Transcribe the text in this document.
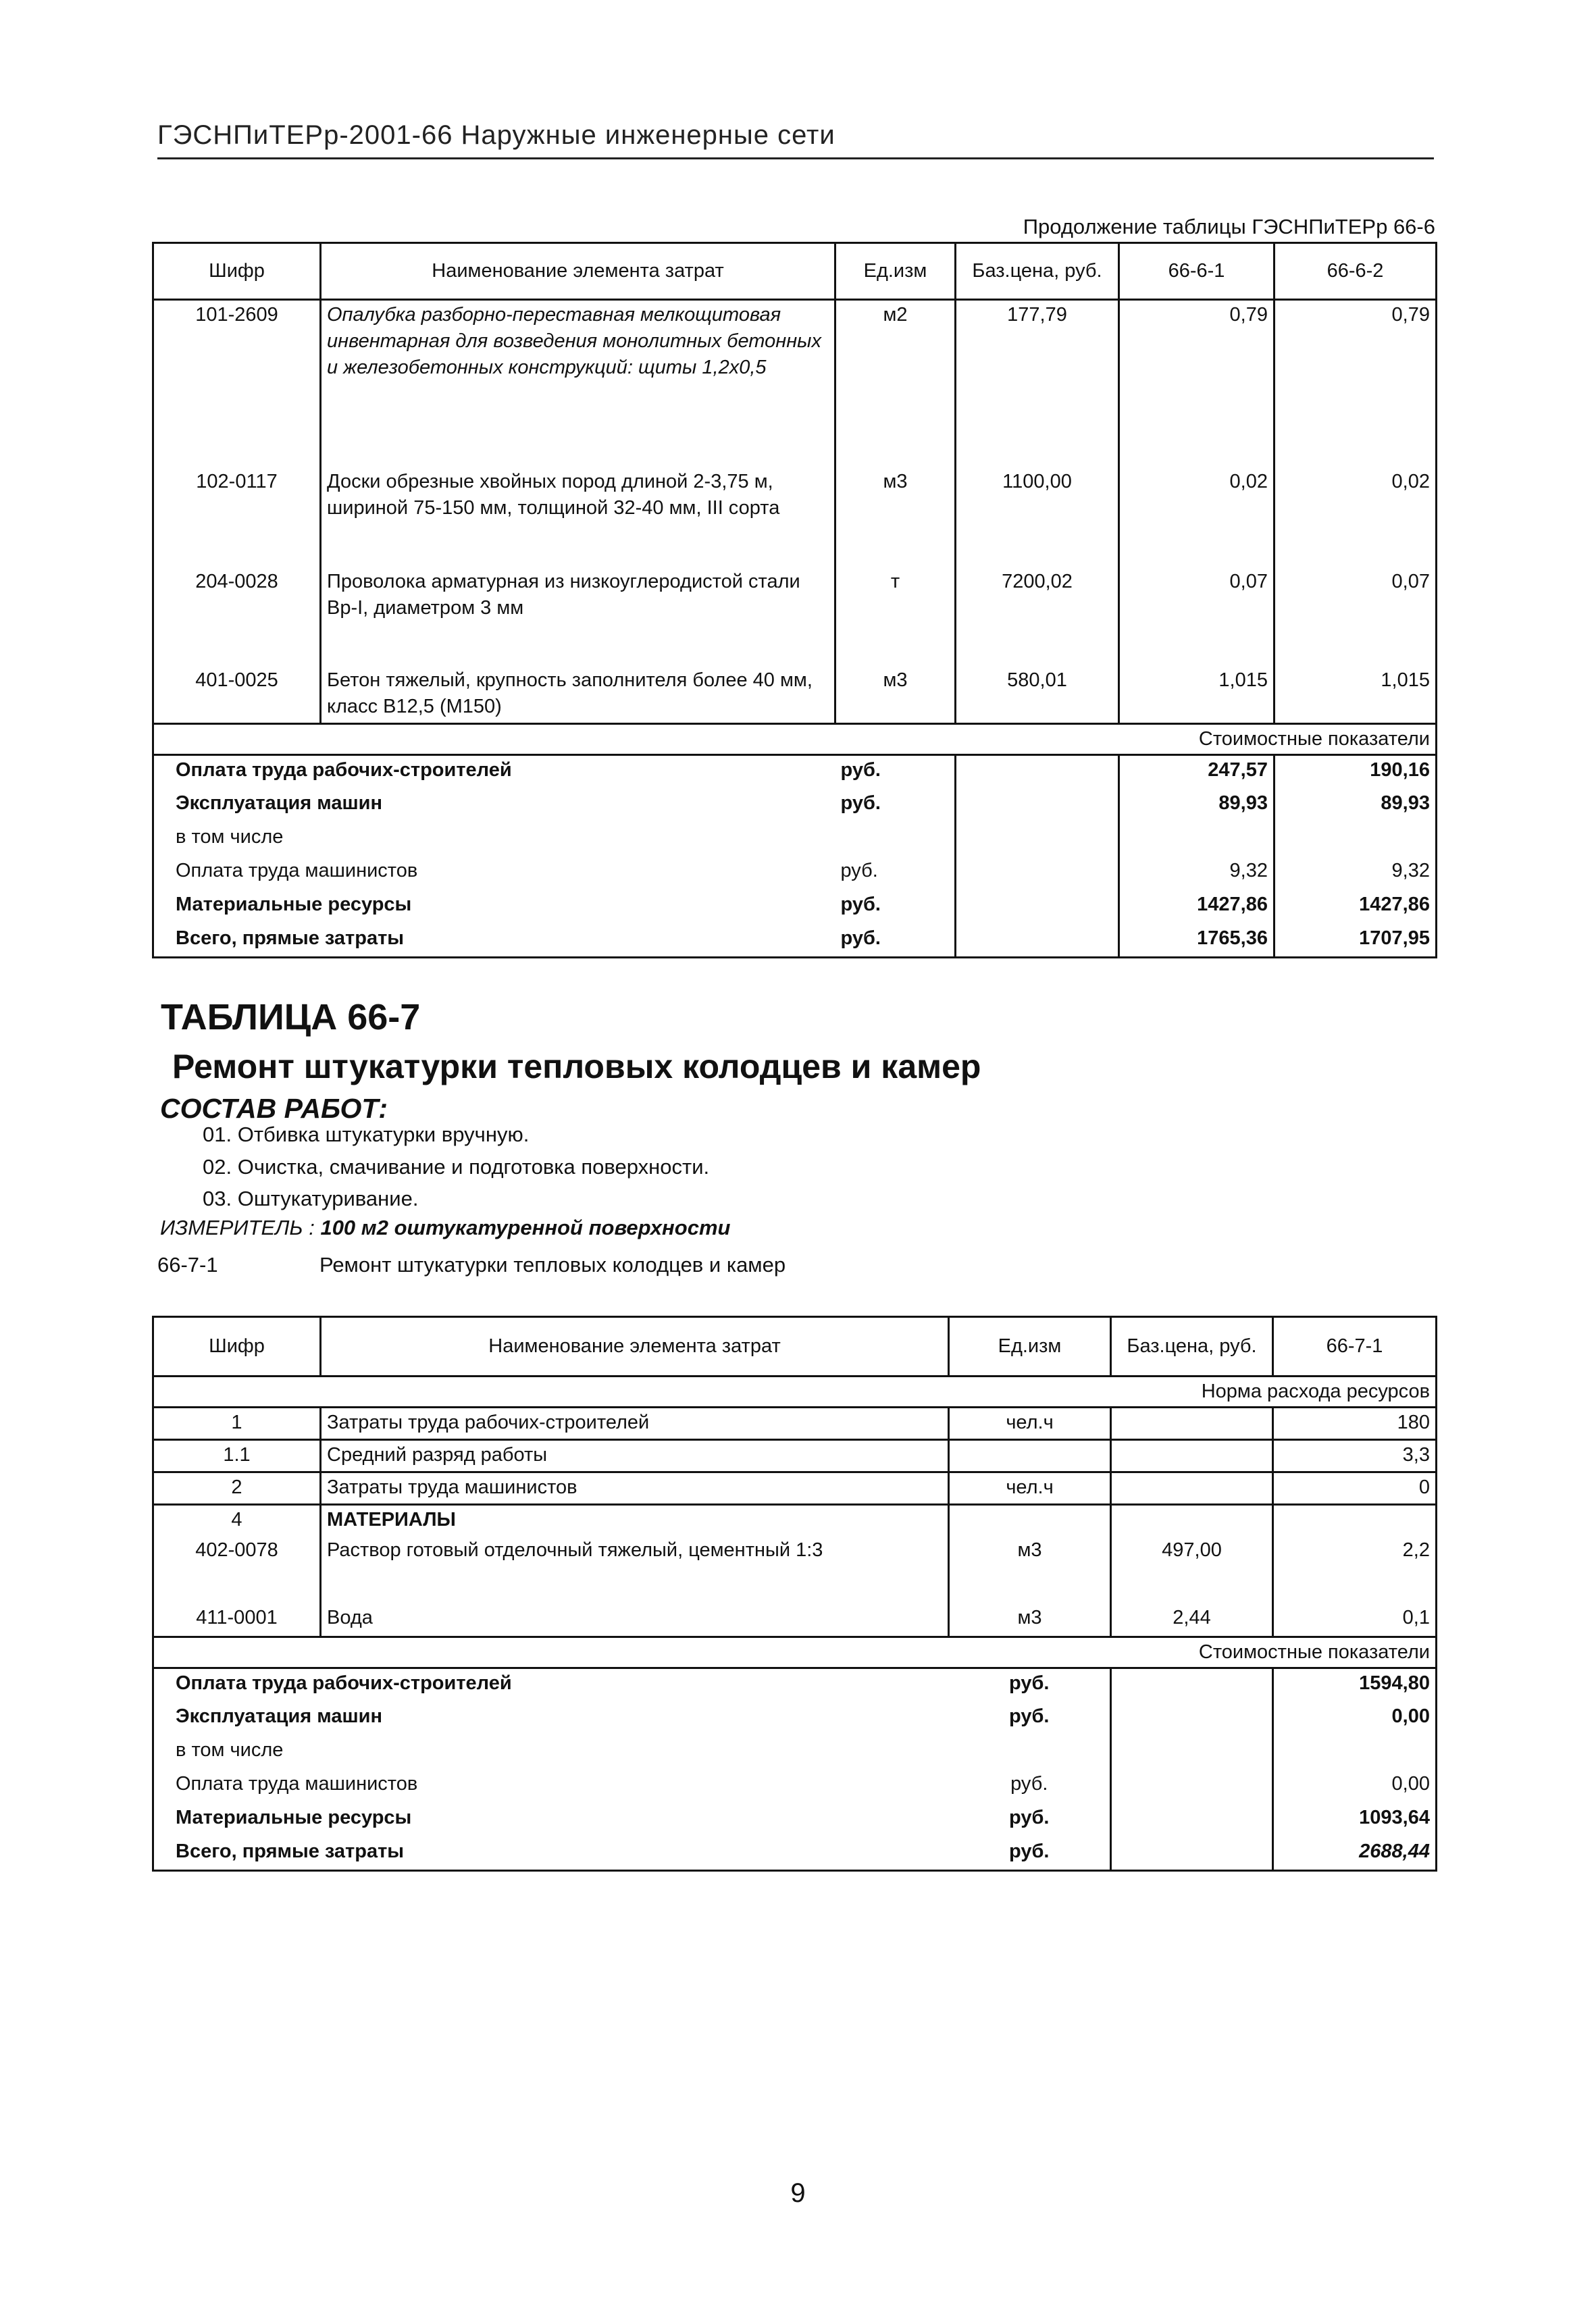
ГЭСНПиТЕРр-2001-66 Наружные инженерные сети
Продолжение таблицы ГЭСНПиТЕРр 66-6
Шифр	Наименование элемента затрат	Ед.изм	Баз.цена, руб.	66-6-1	66-6-2
101-2609	Опалубка разборно-переставная мелкощитовая инвентарная для возведения монолитных бетонных и железобетонных конструкций: щиты 1,2х0,5	м2	177,79	0,79	0,79
102-0117	Доски обрезные хвойных пород длиной 2-3,75 м, шириной 75-150 мм, толщиной 32-40 мм, III сорта	м3	1100,00	0,02	0,02
204-0028	Проволока арматурная из низкоуглеродистой стали Вр-I, диаметром 3 мм	т	7200,02	0,07	0,07
401-0025	Бетон тяжелый, крупность заполнителя более 40 мм, класс В12,5 (М150)	м3	580,01	1,015	1,015
Стоимостные показатели					
Оплата труда рабочих-строителей		руб.		247,57	190,16
Эксплуатация машин		руб.		89,93	89,93
в том числе					
Оплата труда машинистов		руб.		9,32	9,32
Материальные ресурсы		руб.		1427,86	1427,86
Всего, прямые затраты		руб.		1765,36	1707,95
ТАБЛИЦА 66-7
Ремонт штукатурки тепловых колодцев и камер
СОСТАВ РАБОТ:
01. Отбивка штукатурки вручную.
02. Очистка, смачивание и подготовка поверхности.
03. Оштукатуривание.
ИЗМЕРИТЕЛЬ : 100 м2 оштукатуренной поверхности
66-7-1	Ремонт штукатурки тепловых колодцев и камер
Шифр	Наименование элемента затрат	Ед.изм	Баз.цена, руб.	66-7-1
Норма расхода ресурсов				
1	Затраты труда рабочих-строителей	чел.ч		180
1.1	Средний разряд работы			3,3
2	Затраты труда машинистов	чел.ч		0
4	МАТЕРИАЛЫ			
402-0078	Раствор готовый отделочный тяжелый, цементный 1:3	м3	497,00	2,2
411-0001	Вода	м3	2,44	0,1
Стоимостные показатели				
Оплата труда рабочих-строителей		руб.		1594,80
Эксплуатация машин		руб.		0,00
в том числе				
Оплата труда машинистов		руб.		0,00
Материальные ресурсы		руб.		1093,64
Всего, прямые затраты		руб.		2688,44
9
